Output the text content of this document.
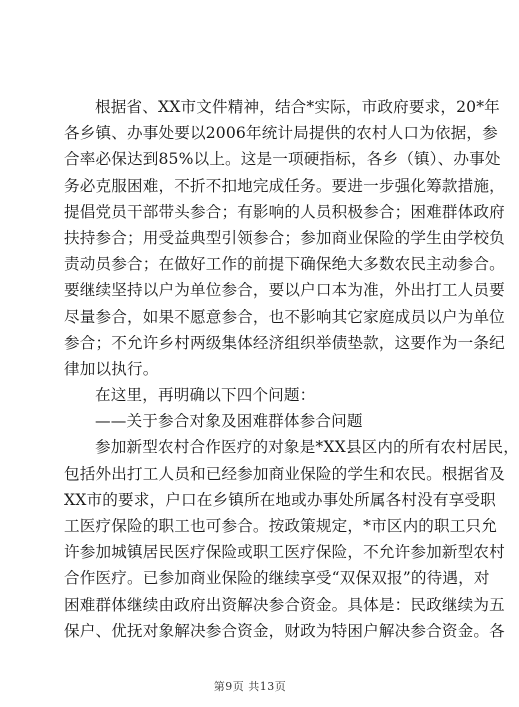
根据省、XX市文件精神，结合*实际，市政府要求，20*年
各乡镇、办事处要以2006年统计局提供的农村人口为依据，参
合率必保达到85%以上。这是一项硬指标，各乡（镇）、办事处
务必克服困难，不折不扣地完成任务。要进一步强化筹款措施，
提倡党员干部带头参合；有影响的人员积极参合；困难群体政府
扶持参合；用受益典型引领参合；参加商业保险的学生由学校负
责动员参合；在做好工作的前提下确保绝大多数农民主动参合。
要继续坚持以户为单位参合，要以户口本为准，外出打工人员要
尽量参合，如果不愿意参合，也不影响其它家庭成员以户为单位
参合；不允许乡村两级集体经济组织举债垫款，这要作为一条纪
律加以执行。
在这里，再明确以下四个问题：
——关于参合对象及困难群体参合问题
参加新型农村合作医疗的对象是*XX县区内的所有农村居民，
包括外出打工人员和已经参加商业保险的学生和农民。根据省及
XX市的要求，户口在乡镇所在地或办事处所属各村没有享受职
工医疗保险的职工也可参合。按政策规定，*市区内的职工只允
许参加城镇居民医疗保险或职工医疗保险，不允许参加新型农村
合作医疗。已参加商业保险的继续享受“双保双报”的待遇，对
困难群体继续由政府出资解决参合资金。具体是：民政继续为五
保户、优抚对象解决参合资金，财政为特困户解决参合资金。各
第9页 共13页
